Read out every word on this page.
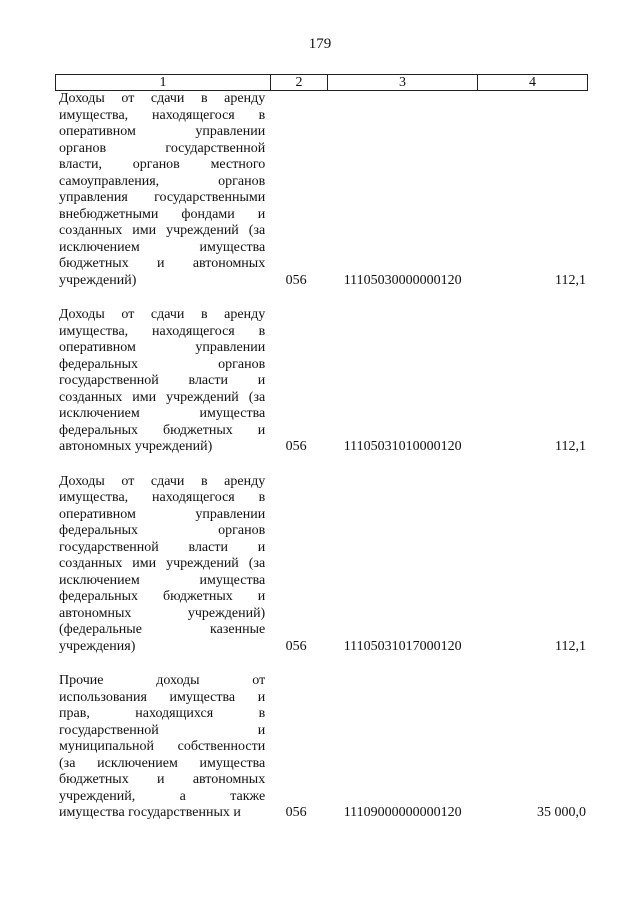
179
1	2	3	4
Доходы от сдачи в аренду
имущества, находящегося в
оперативном управлении
органов государственной
власти, органов местного
самоуправления, органов
управления государственными
внебюджетными фондами и
созданных ими учреждений (за
исключением имущества
бюджетных и автономных
учреждений)	056	11105030000000120	112,1
Доходы от сдачи в аренду
имущества, находящегося в
оперативном управлении
федеральных органов
государственной власти и
созданных ими учреждений (за
исключением имущества
федеральных бюджетных и
автономных учреждений)	056	11105031010000120	112,1
Доходы от сдачи в аренду
имущества, находящегося в
оперативном управлении
федеральных органов
государственной власти и
созданных ими учреждений (за
исключением имущества
федеральных бюджетных и
автономных учреждений)
(федеральные казенные
учреждения)	056	11105031017000120	112,1
Прочие доходы от
использования имущества и
прав, находящихся в
государственной и
муниципальной собственности
(за исключением имущества
бюджетных и автономных
учреждений, а также
имущества государственных и	056	11109000000000120	35 000,0
